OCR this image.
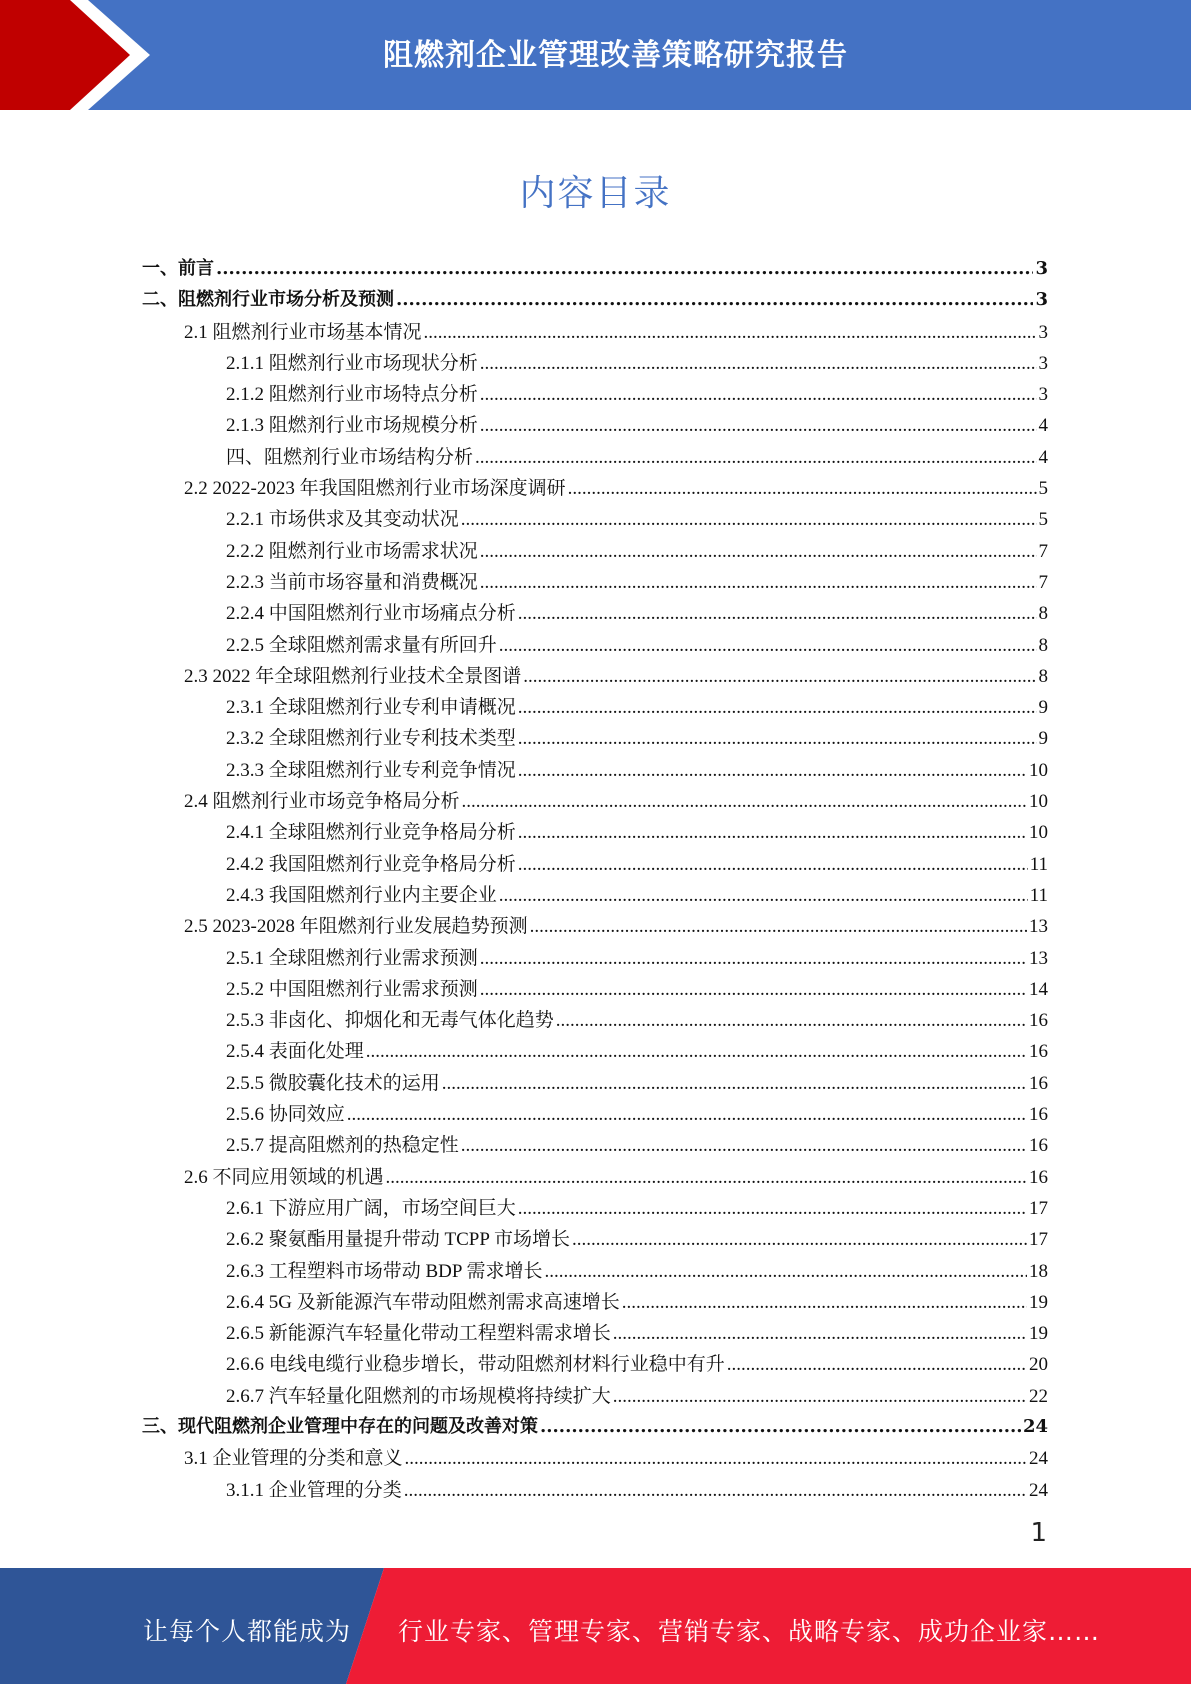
阻燃剂企业管理改善策略研究报告
内容目录
一、前言 .....	3
二、阻燃剂行业市场分析及预测 .....	3
2.1 阻燃剂行业市场基本情况 .....	3
2.1.1 阻燃剂行业市场现状分析 .....	3
2.1.2 阻燃剂行业市场特点分析 .....	3
2.1.3 阻燃剂行业市场规模分析 .....	4
四、阻燃剂行业市场结构分析 .....	4
2.2 2022-2023 年我国阻燃剂行业市场深度调研 .....	5
2.2.1 市场供求及其变动状况 .....	5
2.2.2 阻燃剂行业市场需求状况 .....	7
2.2.3 当前市场容量和消费概况 .....	7
2.2.4 中国阻燃剂行业市场痛点分析 .....	8
2.2.5 全球阻燃剂需求量有所回升 .....	8
2.3 2022 年全球阻燃剂行业技术全景图谱 .....	8
2.3.1 全球阻燃剂行业专利申请概况 .....	9
2.3.2 全球阻燃剂行业专利技术类型 .....	9
2.3.3 全球阻燃剂行业专利竞争情况 .....	10
2.4 阻燃剂行业市场竞争格局分析 .....	10
2.4.1 全球阻燃剂行业竞争格局分析 .....	10
2.4.2 我国阻燃剂行业竞争格局分析 .....	11
2.4.3 我国阻燃剂行业内主要企业 .....	11
2.5 2023-2028 年阻燃剂行业发展趋势预测 .....	13
2.5.1 全球阻燃剂行业需求预测 .....	13
2.5.2 中国阻燃剂行业需求预测 .....	14
2.5.3 非卤化、抑烟化和无毒气体化趋势 .....	16
2.5.4 表面化处理 .....	16
2.5.5 微胶囊化技术的运用 .....	16
2.5.6 协同效应 .....	16
2.5.7 提高阻燃剂的热稳定性 .....	16
2.6 不同应用领域的机遇 .....	16
2.6.1 下游应用广阔，市场空间巨大 .....	17
2.6.2 聚氨酯用量提升带动 TCPP 市场增长 .....	17
2.6.3 工程塑料市场带动 BDP 需求增长 .....	18
2.6.4 5G 及新能源汽车带动阻燃剂需求高速增长 .....	19
2.6.5 新能源汽车轻量化带动工程塑料需求增长 .....	19
2.6.6 电线电缆行业稳步增长，带动阻燃剂材料行业稳中有升 .....	20
2.6.7 汽车轻量化阻燃剂的市场规模将持续扩大 .....	22
三、现代阻燃剂企业管理中存在的问题及改善对策 .....	24
3.1 企业管理的分类和意义 .....	24
3.1.1 企业管理的分类 .....	24
1
让每个人都能成为 行业专家、管理专家、营销专家、战略专家、成功企业家……
